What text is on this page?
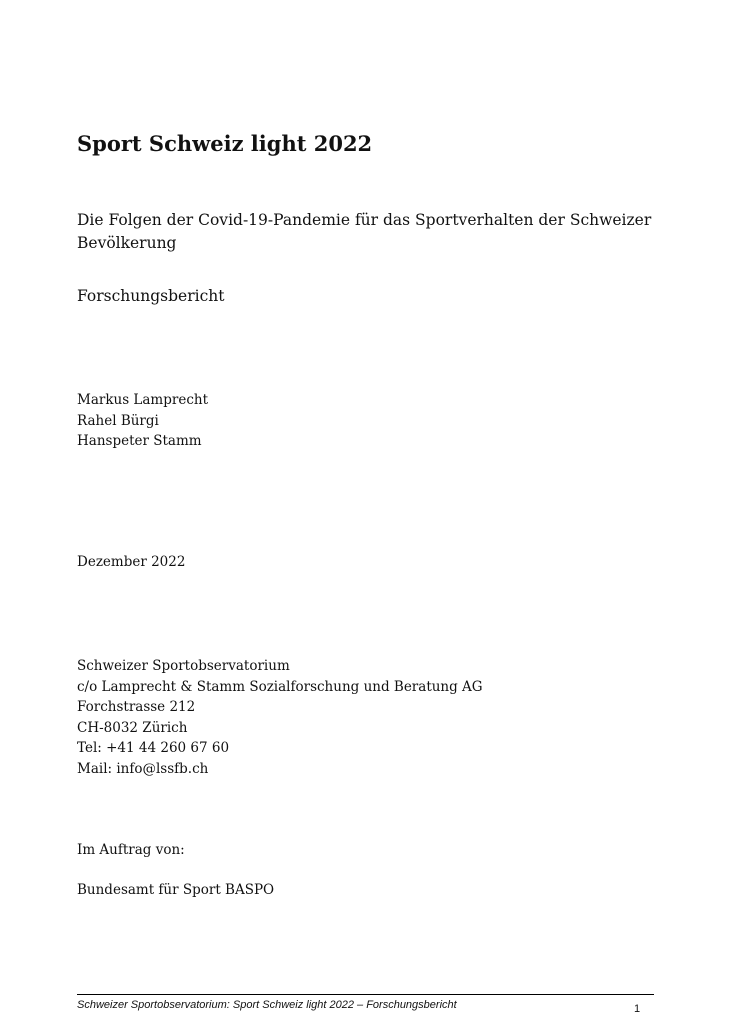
Sport Schweiz light 2022
Die Folgen der Covid-19-Pandemie für das Sportverhalten der Schweizer Bevölkerung
Forschungsbericht
Markus Lamprecht
Rahel Bürgi
Hanspeter Stamm
Dezember 2022
Schweizer Sportobservatorium
c/o Lamprecht & Stamm Sozialforschung und Beratung AG
Forchstrasse 212
CH-8032 Zürich
Tel: +41 44 260 67 60
Mail: info@lssfb.ch
Im Auftrag von:
Bundesamt für Sport BASPO
Schweizer Sportobservatorium: Sport Schweiz light 2022 – Forschungsbericht	1
